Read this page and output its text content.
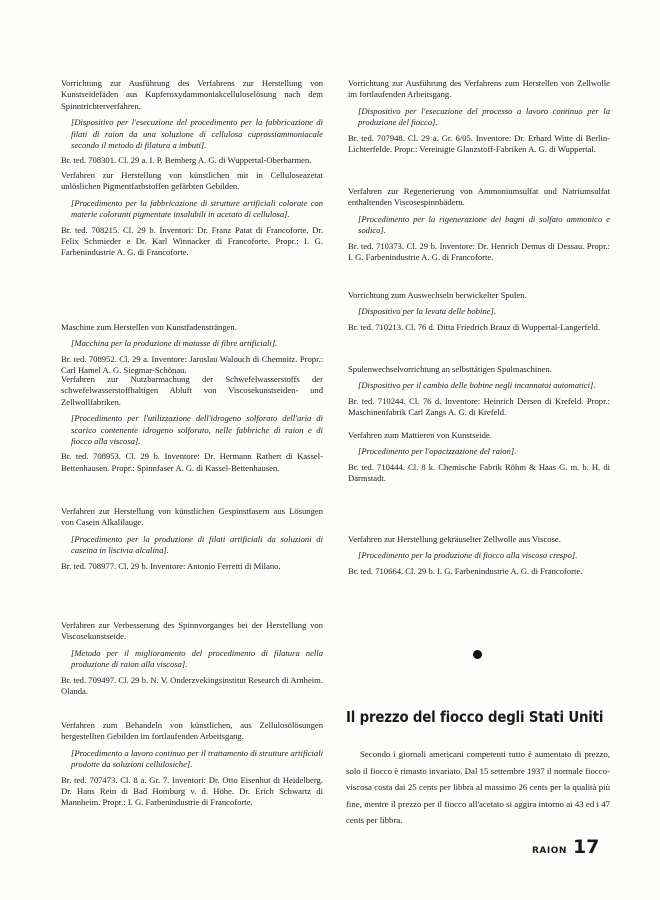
Vorrichtung zur Ausführung des Verfahrens zur Herstellung von Kunstseidefäden aus Kupferoxydammoniakcelluloselösung nach dem Spinntrichterverfahren.

[Dispositivo per l'esecuzione del procedimento per la fabbricazione di filati di raion da una soluzione di cellulosa cuprossiammoniacale secondo il metodo di filatura a imbuti].

Br. ted. 708301. Cl. 29 a. I. P. Bemberg A. G. di Wuppertal-Oberbarmen.

Verfahren zur Herstellung von künstlichen mit in Celluloseazetat unlöslichen Pigmentfarbstoffen gefärbten Gebilden.

[Procedimento per la fabbricazione di strutture artificiali colorate con materie coloranti pigmentate insolubili in acetato di cellulosa].

Br. ted. 708215. Cl. 29 b. Inventori: Dr. Franz Patat di Francoforte, Dr. Felix Schmieder e Dr. Karl Winnacker di Francoforte. Propr.: I. G. Farbenindustrie A. G. di Francoforte.

Maschine zum Herstellen von Kunstfadensträngen.

[Macchina per la produzione di matasse di fibre artificiali].

Br. ted. 708952. Cl. 29 a. Inventore: Jaroslau Walouch di Chemnitz. Propr.: Carl Hamel A. G. Siegmar-Schönau.

Verfahren zur Nutzbarmachung der Schwefelwasserstoffs der schwefelwasserstoffhaltigen Abluft von Viscosekunstseiden- und Zellwollfabriken.

[Procedimento per l'utilizzazione dell'idrogeno solforato dell'aria di scarico contenente idrogeno solforato, nelle fabbriche di raion e di fiocco alla viscosa].

Br. ted. 708953. Cl. 29 b. Inventore: Dr. Hermann Rathert di Kassel-Bettenhausen. Propr.: Spinnfaser A. G. di Kassel-Bettenhausen.

Verfahren zur Herstellung von künstlichen Gespinstfasern aus Lösungen von Casein Alkalilauge.

[Procedimento per la produzione di filati artificiali da soluzioni di caseina in liscivia alcalina].

Br. ted. 708977. Cl. 29 b. Inventore: Antonio Ferretti di Milano.

Verfahren zur Verbesserung des Spinnvorganges bei der Herstellung von Viscosekunstseide.

[Metodo per il miglioramento del procedimento di filatura nella produzione di raion alla viscosa].

Br. ted. 709497. Cl. 29 b. N. V. Onderzvekingsinstitut Research di Arnheim. Olanda.

Verfahren zum Behandeln von künstlichen, aus Zellulosölösungen hergestellten Gebilden im fortlaufenden Arbeitsgang.

[Procedimento a lavoro continuo per il trattamento di strutture artificiali prodotte da soluzioni cellulosiche].

Br. ted. 707473. Cl. 8 a. Gr. 7. Inventori: Dr. Otto Eisenhut di Heidelberg. Dr. Hans Rein di Bad Homburg v. d. Höhe. Dr. Erich Schwartz di Mannheim. Propr.: I. G. Farbenindustrie di Francoforte.

Vorrichtung zur Ausführung des Verfahrens zum Herstellen von Zellwolle im fortlaufenden Arbeitsgang.

[Dispositivo per l'esecuzione del processo a lavoro continuo per la produzione del fiocco].

Br. ted. 707948. Cl. 29 a. Gr. 6/05. Inventore: Dr. Erhard Witte di Berlin-Lichterfelde. Propr.: Vereinigte Glanzstoff-Fabriken A. G. di Wuppertal.

Verfahren zur Regenerierung von Ammoniumsulfat und Natriumsulfat enthaltenden Viscosespinnbädern.

[Procedimento per la rigenerazione dei bagni di solfato ammonico e sodico].

Br. ted. 710373. Cl. 29 b. Inventore: Dr. Henrich Demus di Dessau. Propr.: I. G. Farbenindustrie A. G. di Francoforte.

Vorrichtung zum Auswechseln berwickelter Spulen.

[Dispositivo per la levata delle bobine].

Br. ted. 710213. Cl. 76 d. Ditta Friedrich Brauz di Wuppertal-Langerfeld.

Spulenwechselvorrichtung an selbsttätigen Spulmaschinen.

[Dispositivo per il cambio delle bobine negli incannatoi automatici].

Br. ted. 710244. Cl. 76 d. Inventore: Heinrich Dersen di Krefeld. Propr.: Maschinenfabrik Carl Zangs A. G. di Krefeld.

Verfahren zum Mattieren von Kunstseide.

[Procedimento per l'opacizzazione del raion].

Br. ted. 710444. Cl. 8 k. Chemische Fabrik Röhm & Haas G. m. b. H. di Darmstadt.

Verfahren zur Herstellung gekräuselter Zellwolle aus Viscose.

[Procedimento per la produzione di fiocco alla viscosa crespo].

Br. ted. 710664. Cl. 29 b. I. G. Farbenindustrie A. G. di Francoforte.

Il prezzo del fiocco degli Stati Uniti

Secondo i giornali americani competenti tutto è aumentato di prezzo, solo il fiocco è rimasto invariato. Dal 15 settembre 1937 il normale fiocco-viscosa costa dai 25 cents per libbra al massimo 26 cents per la qualità più fine, mentre il prezzo per il fiocco all'acetato si aggira intorno ai 43 ed i 47 cents per libbra.

RAION 17
